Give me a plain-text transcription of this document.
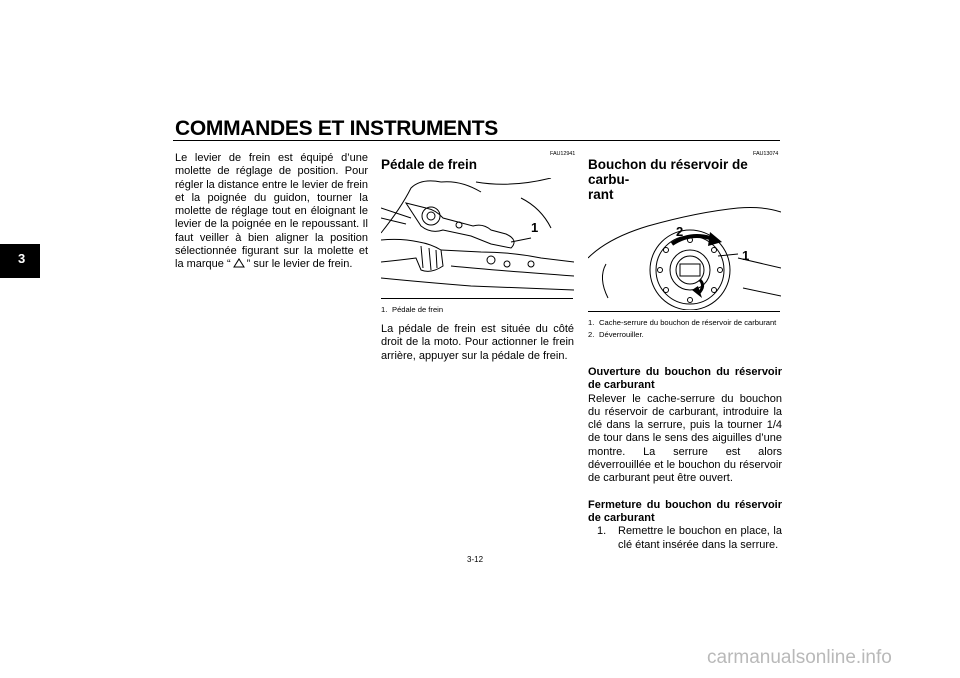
COMMANDES ET INSTRUMENTS
3

Le levier de frein est équipé d’une molette de réglage de position. Pour régler la distance entre le levier de frein et la poignée du guidon, tourner la molette de réglage tout en éloignant le levier de la poignée en le repoussant. Il faut veiller à bien aligner la position sélectionnée figurant sur la molette et la marque “ ” sur le levier de frein.

FAU12941
Pédale de frein
1
1. Pédale de frein

La pédale de frein est située du côté droit de la moto. Pour actionner le frein arrière, appuyer sur la pédale de frein.

FAU13074
Bouchon du réservoir de carbu-
rant
2
1
1. Cache-serrure du bouchon de réservoir de carburant
2. Déverrouiller.

Ouverture du bouchon du réservoir de carburant

Relever le cache-serrure du bouchon du réservoir de carburant, introduire la clé dans la serrure, puis la tourner 1/4 de tour dans le sens des aiguilles d’une montre. La serrure est alors déverrouillée et le bouchon du réservoir de carburant peut être ouvert.

Fermeture du bouchon du réservoir de carburant

1.	Remettre le bouchon en place, la clé étant insérée dans la serrure.
3-12
carmanualsonline.info
